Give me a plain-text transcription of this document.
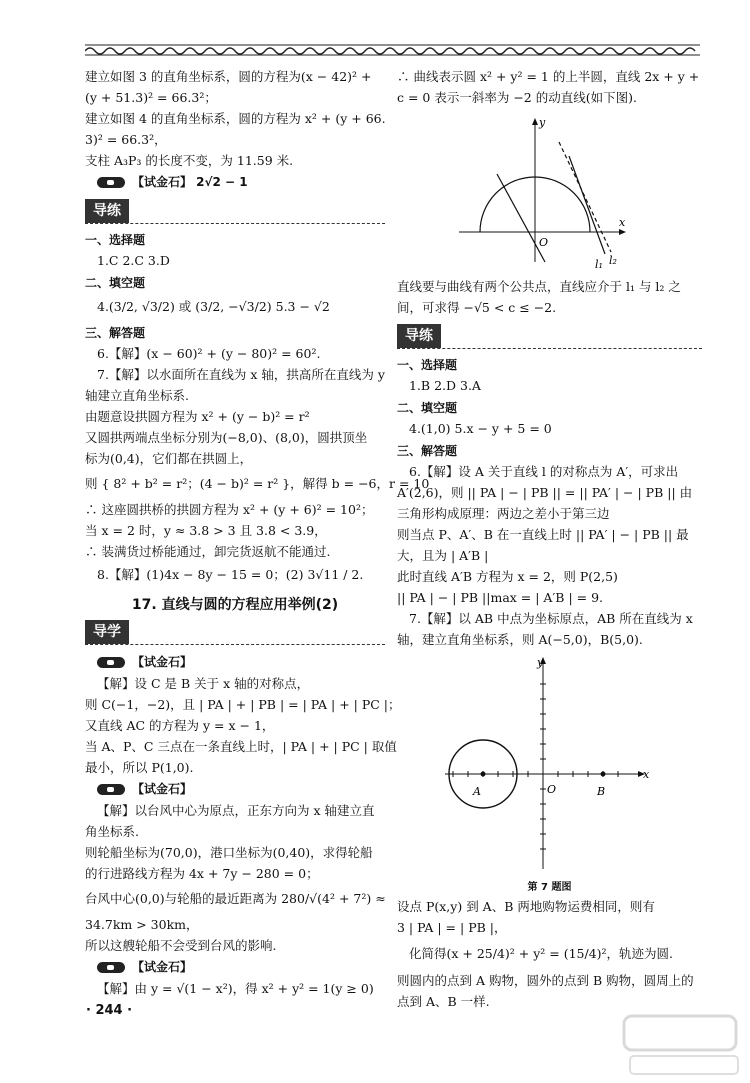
建立如图 3 的直角坐标系，圆的方程为(x − 42)² +
(y + 51.3)² = 66.3²；
建立如图 4 的直角坐标系，圆的方程为 x² + (y + 66.
3)² = 66.3²，
支柱 A₃P₃ 的长度不变，为 11.59 米.
【试金石】 2√2 − 1
导练
一、选择题
1.C 2.C 3.D
二、填空题
4.(3/2, √3/2) 或 (3/2, −√3/2) 5.3 − √2
三、解答题
6.【解】(x − 60)² + (y − 80)² = 60².
7.【解】以水面所在直线为 x 轴，拱高所在直线为 y
轴建立直角坐标系.
由题意设拱圆方程为 x² + (y − b)² = r²
又圆拱两端点坐标分别为(−8,0)、(8,0)，圆拱顶坐
标为(0,4)，它们都在拱圆上，
则 { 8² + b² = r²；(4 − b)² = r² }，解得 b = −6，r = 10
∴ 这座圆拱桥的拱圆方程为 x² + (y + 6)² = 10²；
当 x = 2 时，y ≈ 3.8 > 3 且 3.8 < 3.9，
∴ 装满货过桥能通过，卸完货返航不能通过.
8.【解】(1)4x − 8y − 15 = 0；(2) 3√11 / 2.
17. 直线与圆的方程应用举例(2)
导学
【试金石】
【解】设 C 是 B 关于 x 轴的对称点，
则 C(−1，−2)，且 | PA | + | PB | = | PA | + | PC |；
又直线 AC 的方程为 y = x − 1，
当 A、P、C 三点在一条直线上时，| PA | + | PC | 取值
最小，所以 P(1,0).
【试金石】
【解】以台风中心为原点，正东方向为 x 轴建立直
角坐标系.
则轮船坐标为(70,0)，港口坐标为(0,40)，求得轮船
的行进路线方程为 4x + 7y − 280 = 0；
台风中心(0,0)与轮船的最近距离为 280/√(4² + 7²) ≈
34.7km > 30km，
所以这艘轮船不会受到台风的影响.
【试金石】
【解】由 y = √(1 − x²)，得 x² + y² = 1(y ≥ 0)
∴ 曲线表示圆 x² + y² = 1 的上半圆，直线 2x + y +
c = 0 表示一斜率为 −2 的动直线(如下图).
y
x
O
l₁ l₂
直线要与曲线有两个公共点，直线应介于 l₁ 与 l₂ 之
间，可求得 −√5 < c ≤ −2.
导练
一、选择题
1.B 2.D 3.A
二、填空题
4.(1,0) 5.x − y + 5 = 0
三、解答题
6.【解】设 A 关于直线 l 的对称点为 A′，可求出
A′(2,6)，则 || PA | − | PB || = || PA′ | − | PB || 由
三角形构成原理：两边之差小于第三边
则当点 P、A′、B 在一直线上时 || PA′ | − | PB || 最
大，且为 | A′B |
此时直线 A′B 方程为 x = 2，则 P(2,5)
|| PA | − | PB ||max = | A′B | = 9.
7.【解】以 AB 中点为坐标原点，AB 所在直线为 x
轴，建立直角坐标系，则 A(−5,0)，B(5,0).
y
x
A	O	B
第 7 题图
设点 P(x,y) 到 A、B 两地购物运费相同，则有
3 | PA | = | PB |，
化简得(x + 25/4)² + y² = (15/4)²，轨迹为圆.
则圆内的点到 A 购物，圆外的点到 B 购物，圆周上的
点到 A、B 一样.
· 244 ·
